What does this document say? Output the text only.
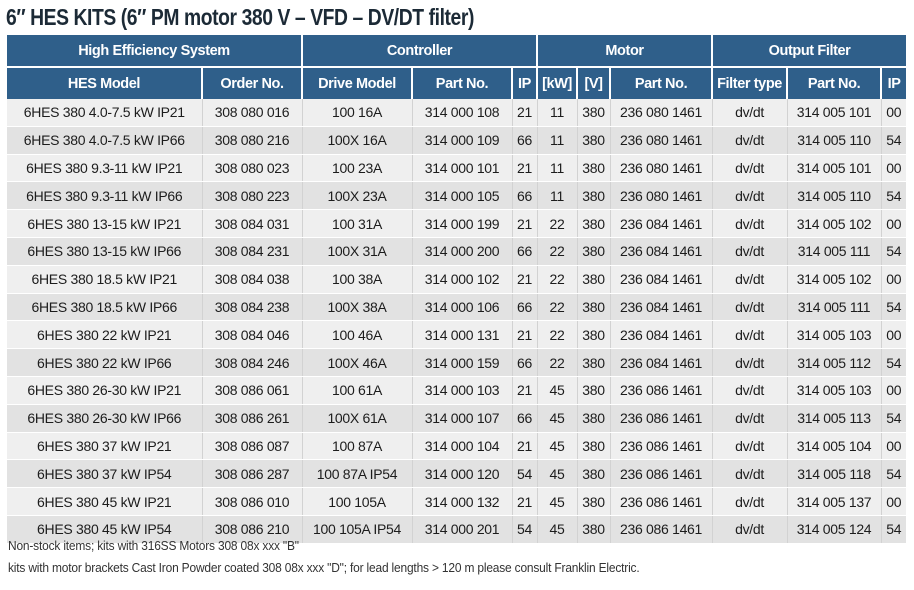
6″ HES KITS (6″ PM motor 380 V – VFD – DV/DT filter)
High Efficiency System		Controller			Motor			Output Filter		
HES Model	Order No.	Drive Model	Part No.	IP	[kW]	[V]	Part No.	Filter type	Part No.	IP
6HES 380 4.0-7.5 kW IP21	308 080 016	100 16A	314 000 108	21	11	380	236 080 1461	dv/dt	314 005 101	00
6HES 380 4.0-7.5 kW IP66	308 080 216	100X 16A	314 000 109	66	11	380	236 080 1461	dv/dt	314 005 110	54
6HES 380 9.3-11 kW IP21	308 080 023	100 23A	314 000 101	21	11	380	236 080 1461	dv/dt	314 005 101	00
6HES 380 9.3-11 kW IP66	308 080 223	100X 23A	314 000 105	66	11	380	236 080 1461	dv/dt	314 005 110	54
6HES 380 13-15 kW IP21	308 084 031	100 31A	314 000 199	21	22	380	236 084 1461	dv/dt	314 005 102	00
6HES 380 13-15 kW IP66	308 084 231	100X 31A	314 000 200	66	22	380	236 084 1461	dv/dt	314 005 111	54
6HES 380 18.5 kW IP21	308 084 038	100 38A	314 000 102	21	22	380	236 084 1461	dv/dt	314 005 102	00
6HES 380 18.5 kW IP66	308 084 238	100X 38A	314 000 106	66	22	380	236 084 1461	dv/dt	314 005 111	54
6HES 380 22 kW IP21	308 084 046	100 46A	314 000 131	21	22	380	236 084 1461	dv/dt	314 005 103	00
6HES 380 22 kW IP66	308 084 246	100X 46A	314 000 159	66	22	380	236 084 1461	dv/dt	314 005 112	54
6HES 380 26-30 kW IP21	308 086 061	100 61A	314 000 103	21	45	380	236 086 1461	dv/dt	314 005 103	00
6HES 380 26-30 kW IP66	308 086 261	100X 61A	314 000 107	66	45	380	236 086 1461	dv/dt	314 005 113	54
6HES 380 37 kW IP21	308 086 087	100 87A	314 000 104	21	45	380	236 086 1461	dv/dt	314 005 104	00
6HES 380 37 kW IP54	308 086 287	100 87A IP54	314 000 120	54	45	380	236 086 1461	dv/dt	314 005 118	54
6HES 380 45 kW IP21	308 086 010	100 105A	314 000 132	21	45	380	236 086 1461	dv/dt	314 005 137	00
6HES 380 45 kW IP54	308 086 210	100 105A IP54	314 000 201	54	45	380	236 086 1461	dv/dt	314 005 124	54
Non-stock items; kits with 316SS Motors 308 08x xxx "B"
kits with motor brackets Cast Iron Powder coated 308 08x xxx "D"; for lead lengths > 120 m please consult Franklin Electric.
